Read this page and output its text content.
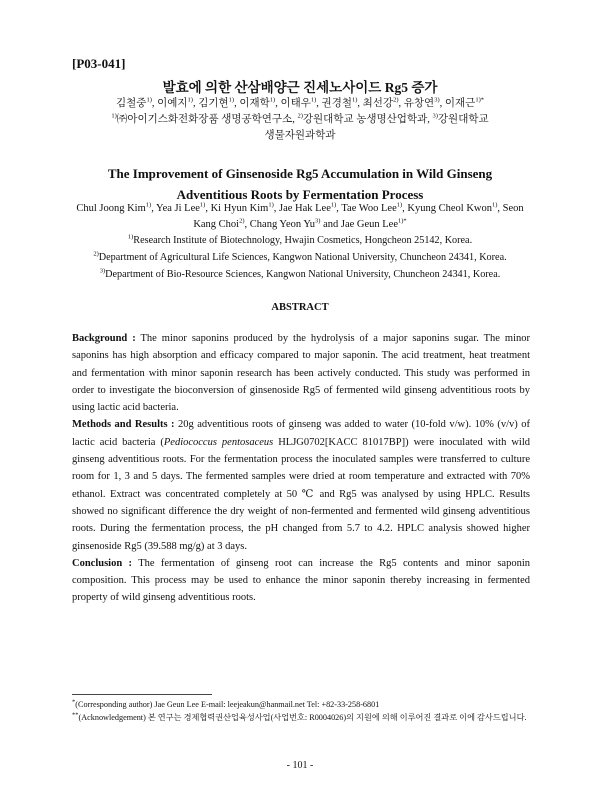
[P03-041]
발효에 의한 산삼배양근 진세노사이드 Rg5 증가
김철중$^{1)}$, 이예지$^{1)}$, 김기현$^{1)}$, 이재학$^{1)}$, 이태우$^{1)}$, 권경철$^{1)}$, 최선강$^{2)}$, 유창연$^{3)}$, 이재근$^{1)*}$
$^{1)}$㈜아이기스화전화장품 생명공학연구소, $^{2)}$강원대학교 농생명산업학과, $^{3)}$강원대학교
생물자원과학과
The Improvement of Ginsenoside Rg5 Accumulation in Wild Ginseng
Adventitious Roots by Fermentation Process
Chul Joong Kim$^{1)}$, Yea Ji Lee$^{1)}$, Ki Hyun Kim$^{1)}$, Jae Hak Lee$^{1)}$, Tae Woo Lee$^{1)}$, Kyung Cheol Kwon$^{1)}$, Seon Kang Choi$^{2)}$, Chang Yeon Yu$^{3)}$ and Jae Geun Lee$^{1)*}$
$^{1)}$Research Institute of Biotechnology, Hwajin Cosmetics, Hongcheon 25142, Korea.
$^{2)}$Department of Agricultural Life Sciences, Kangwon National University, Chuncheon 24341, Korea.
$^{3)}$Department of Bio-Resource Sciences, Kangwon National University, Chuncheon 24341, Korea.
ABSTRACT

Background : The minor saponins produced by the hydrolysis of a major saponins sugar. The minor saponins has high absorption and efficacy compared to major saponin. The acid treatment, heat treatment and fermentation with minor saponin research has been actively conducted. This study was performed in order to investigate the bioconversion of ginsenoside Rg5 of fermented wild ginseng adventitious roots by using lactic acid bacteria.

Methods and Results : 20g adventitious roots of ginseng was added to water (10-fold v/w). 10% (v/v) of lactic acid bacteria (Pediococcus pentosaceus HLJG0702[KACC 81017BP]) were inoculated with wild ginseng adventitious roots. For the fermentation process the inoculated samples were transferred to culture room for 1, 3 and 5 days. The fermented samples were dried at room temperature and extracted with 70% ethanol. Extract was concentrated completely at 50 ℃ and Rg5 was analysed by using HPLC. Results showed no significant difference the dry weight of non-fermented and fermented wild ginseng adventitious roots. During the fermentation process, the pH changed from 5.7 to 4.2. HPLC analysis showed higher ginsenoside Rg5 (39.588 mg/g) at 3 days.

Conclusion : The fermentation of ginseng root can increase the Rg5 contents and minor saponin composition. This process may be used to enhance the minor saponin thereby increasing in fermented property of wild ginseng adventitious roots.

*(Corresponding author) Jae Geun Lee E-mail: leejeakun@hanmail.net Tel: +82-33-258-6801
**(Acknowledgement) 본 연구는 경제협력권산업육성사업(사업번호: R0004026)의 지원에 의해 이루어진 결과로 이에 감사드립니다.
- 101 -
